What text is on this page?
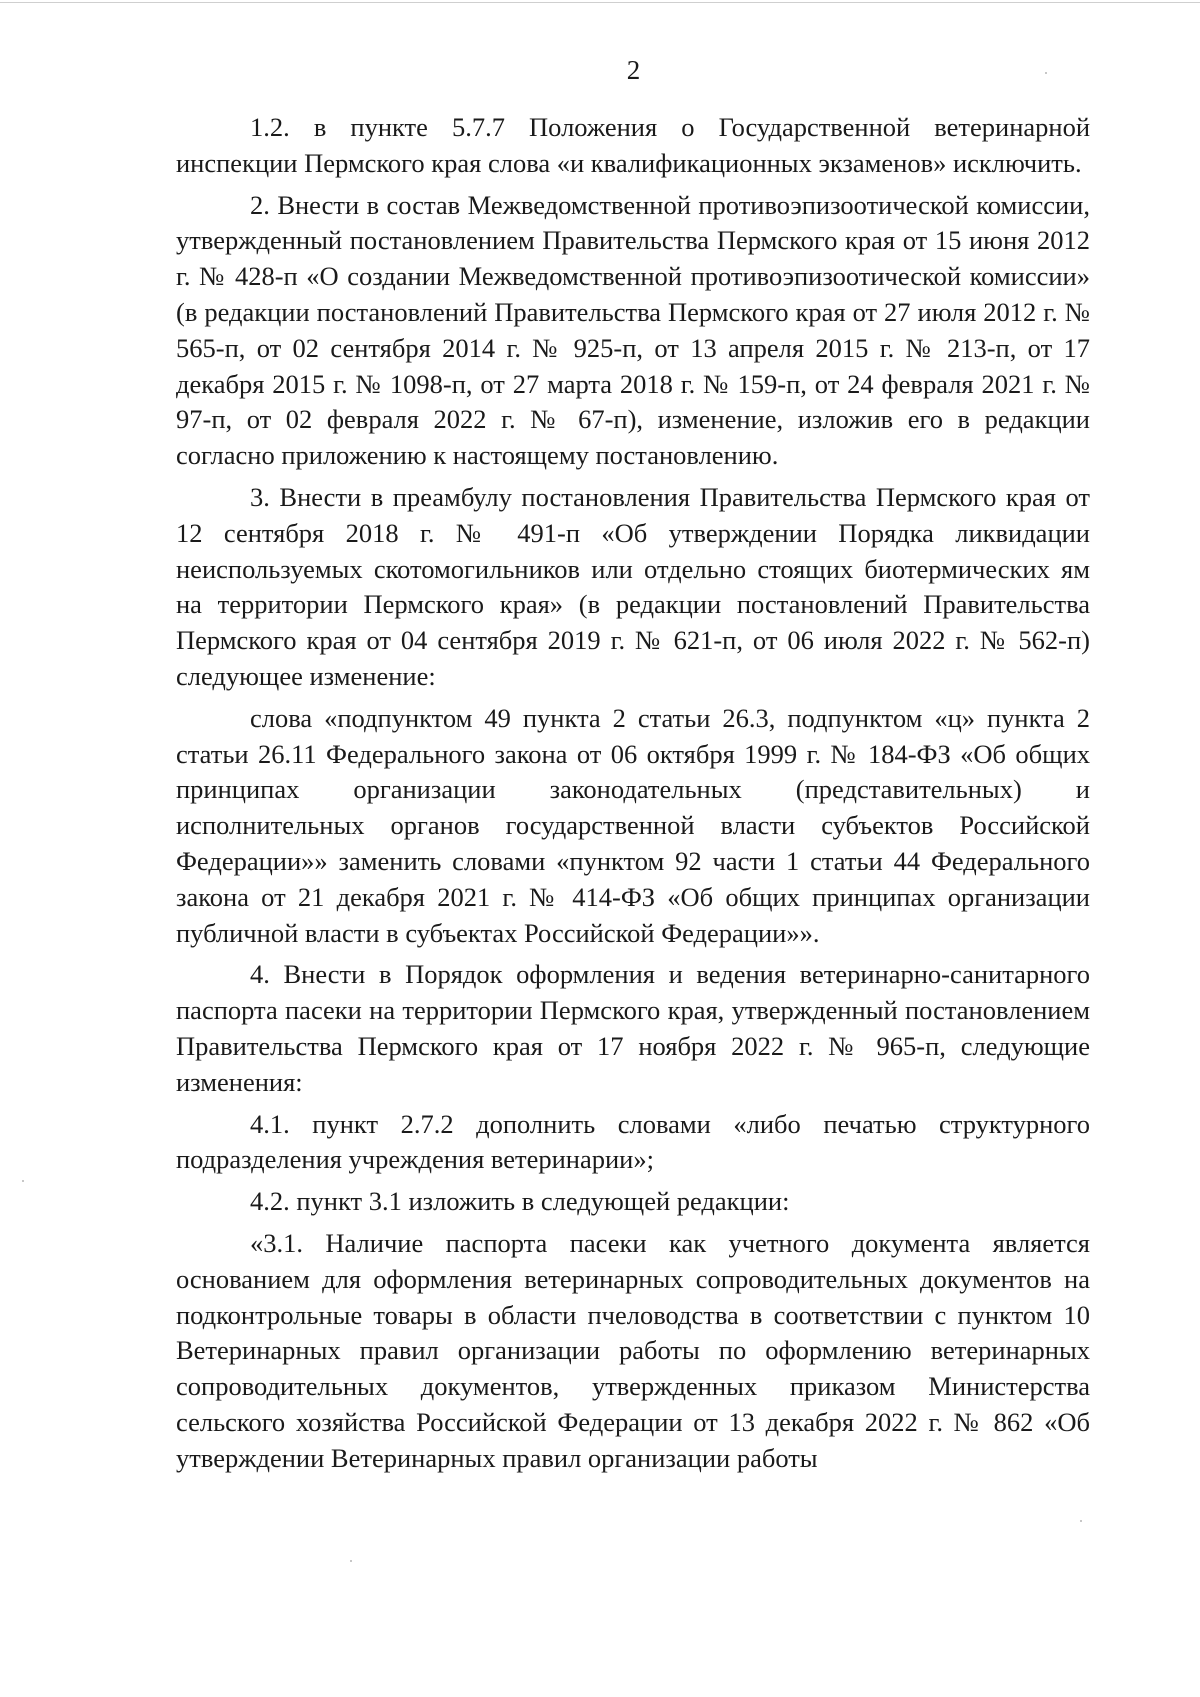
2

1.2. в пункте 5.7.7 Положения о Государственной ветеринарной инспекции Пермского края слова «и квалификационных экзаменов» исключить.

2. Внести в состав Межведомственной противоэпизоотической комиссии, утвержденный постановлением Правительства Пермского края от 15 июня 2012 г. № 428-п «О создании Межведомственной противоэпизоотической комиссии» (в редакции постановлений Правительства Пермского края от 27 июля 2012 г. № 565-п, от 02 сентября 2014 г. № 925-п, от 13 апреля 2015 г. № 213-п, от 17 декабря 2015 г. № 1098-п, от 27 марта 2018 г. № 159-п, от 24 февраля 2021 г. № 97-п, от 02 февраля 2022 г. № 67-п), изменение, изложив его в редакции согласно приложению к настоящему постановлению.

3. Внести в преамбулу постановления Правительства Пермского края от 12 сентября 2018 г. № 491-п «Об утверждении Порядка ликвидации неиспользуемых скотомогильников или отдельно стоящих биотермических ям на территории Пермского края» (в редакции постановлений Правительства Пермского края от 04 сентября 2019 г. № 621-п, от 06 июля 2022 г. № 562-п) следующее изменение:

слова «подпунктом 49 пункта 2 статьи 26.3, подпунктом «ц» пункта 2 статьи 26.11 Федерального закона от 06 октября 1999 г. № 184-ФЗ «Об общих принципах организации законодательных (представительных) и исполнительных органов государственной власти субъектов Российской Федерации»» заменить словами «пунктом 92 части 1 статьи 44 Федерального закона от 21 декабря 2021 г. № 414-ФЗ «Об общих принципах организации публичной власти в субъектах Российской Федерации»».

4. Внести в Порядок оформления и ведения ветеринарно-санитарного паспорта пасеки на территории Пермского края, утвержденный постановлением Правительства Пермского края от 17 ноября 2022 г. № 965-п, следующие изменения:

4.1. пункт 2.7.2 дополнить словами «либо печатью структурного подразделения учреждения ветеринарии»;

4.2. пункт 3.1 изложить в следующей редакции:

«3.1. Наличие паспорта пасеки как учетного документа является основанием для оформления ветеринарных сопроводительных документов на подконтрольные товары в области пчеловодства в соответствии с пунктом 10 Ветеринарных правил организации работы по оформлению ветеринарных сопроводительных документов, утвержденных приказом Министерства сельского хозяйства Российской Федерации от 13 декабря 2022 г. № 862 «Об утверждении Ветеринарных правил организации работы
